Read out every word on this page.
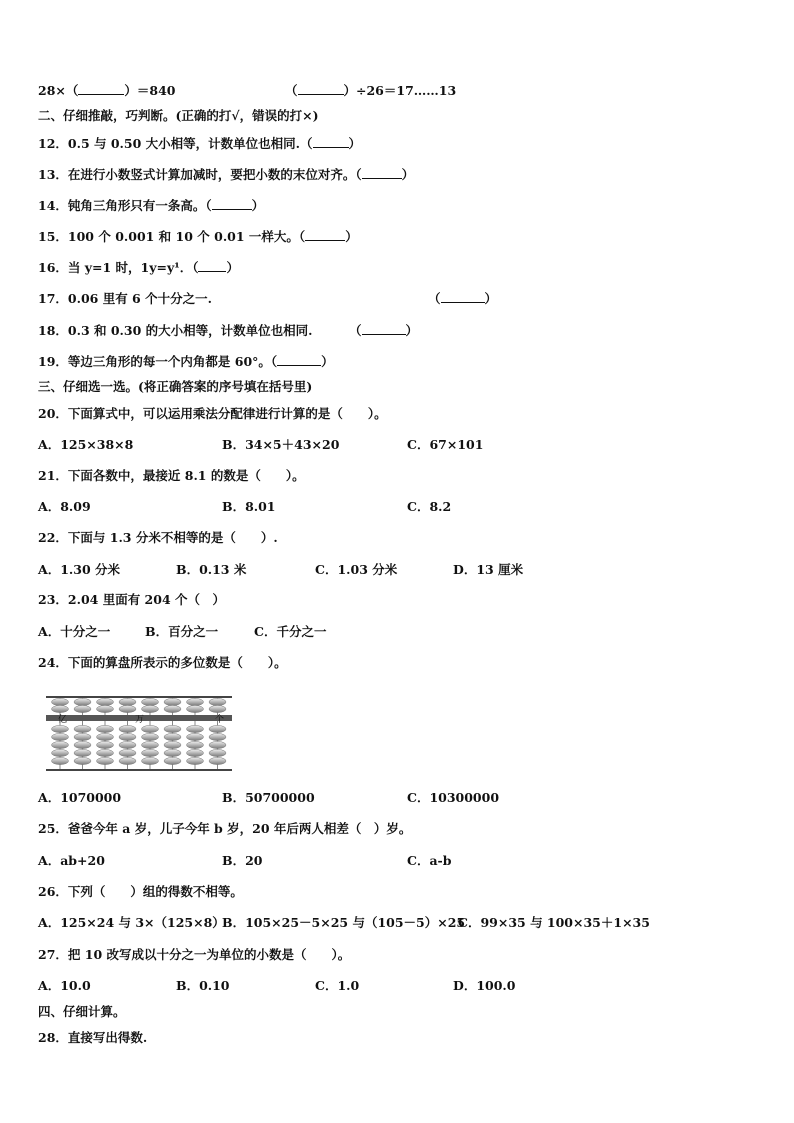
28×（	）＝840	（	）÷26＝17……13
二、仔细推敲，巧判断。(正确的打√，错误的打×)
12．0.5 与 0.50 大小相等，计数单位也相同.（	）
13．在进行小数竖式计算加减时，要把小数的末位对齐。（	）
14．钝角三角形只有一条高。（	）
15．100 个 0.001 和 10 个 0.01 一样大。（	）
16．当 y=1 时，1y=y¹．（ ）
17．0.06 里有 6 个十分之一.	（	）
18．0.3 和 0.30 的大小相等，计数单位也相同.	（	）
19．等边三角形的每一个内角都是 60°。（	）
三、仔细选一选。(将正确答案的序号填在括号里)
20．下面算式中，可以运用乘法分配律进行计算的是（　　）。
A．125×38×8	B．34×5＋43×20	C．67×101
21．下面各数中，最接近 8.1 的数是（　　）。
A．8.09	B．8.01	C．8.2
22．下面与 1.3 分米不相等的是（　　）.
A．1.30 分米	B．0.13 米	C．1.03 分米	D．13 厘米
23．2.04 里面有 204 个（　）
A．十分之一	B．百分之一	C．千分之一
24．下面的算盘所表示的多位数是（　　）。
亿	万	个
A．1070000	B．50700000	C．10300000
25．爸爸今年 a 岁，儿子今年 b 岁，20 年后两人相差（　）岁。
A．ab+20	B．20	C．a-b
26．下列（　　）组的得数不相等。
A．125×24 与 3×（125×8）
B．105×25－5×25 与（105－5）×25
C．99×35 与 100×35＋1×35
27．把 10 改写成以十分之一为单位的小数是（　　）。
A．10.0	B．0.10	C．1.0	D．100.0
四、仔细计算。
28．直接写出得数.
